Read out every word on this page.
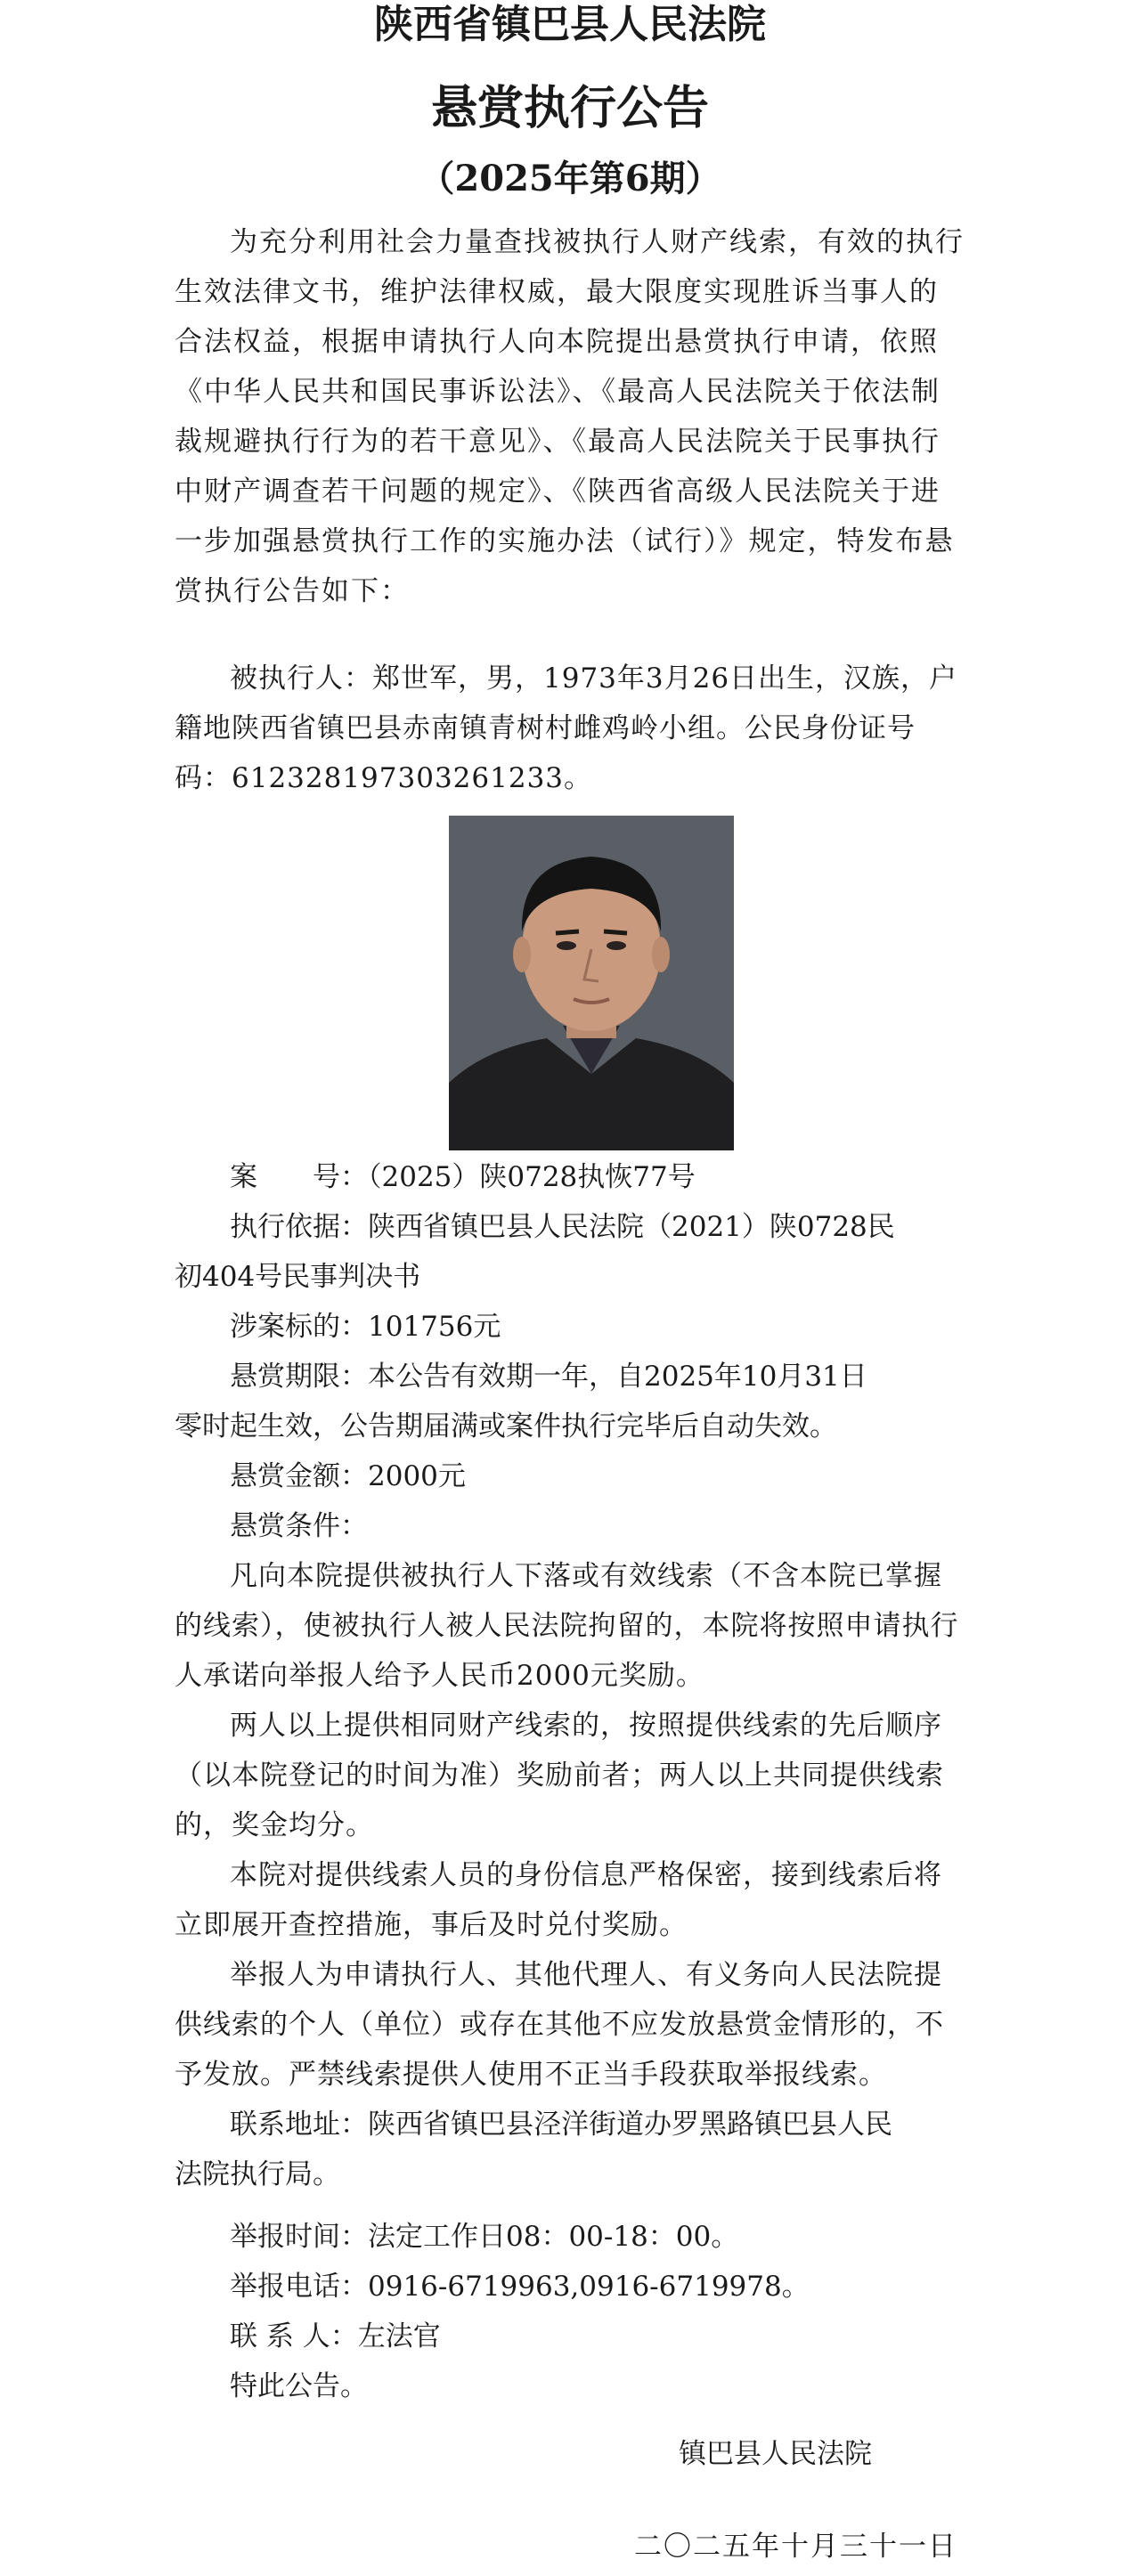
陕西省镇巴县人民法院
悬赏执行公告
（2025年第6期）
为充分利用社会力量查找被执行人财产线索，有效的执行生效法律文书，维护法律权威，最大限度实现胜诉当事人的合法权益，根据申请执行人向本院提出悬赏执行申请，依照《中华人民共和国民事诉讼法》、《最高人民法院关于依法制裁规避执行行为的若干意见》、《最高人民法院关于民事执行中财产调查若干问题的规定》、《陕西省高级人民法院关于进一步加强悬赏执行工作的实施办法（试行）》规定，特发布悬赏执行公告如下：
被执行人：郑世军，男，1973年3月26日出生，汉族，户籍地陕西省镇巴县赤南镇青树村雌鸡岭小组。公民身份证号码：612328197303261233。
案　　号：（2025）陕0728执恢77号
执行依据：陕西省镇巴县人民法院（2021）陕0728民
初404号民事判决书
涉案标的：101756元
悬赏期限：本公告有效期一年，自2025年10月31日
零时起生效，公告期届满或案件执行完毕后自动失效。
悬赏金额：2000元
悬赏条件：
凡向本院提供被执行人下落或有效线索（不含本院已掌握的线索），使被执行人被人民法院拘留的，本院将按照申请执行人承诺向举报人给予人民币2000元奖励。
两人以上提供相同财产线索的，按照提供线索的先后顺序（以本院登记的时间为准）奖励前者；两人以上共同提供线索的，奖金均分。
本院对提供线索人员的身份信息严格保密，接到线索后将立即展开查控措施，事后及时兑付奖励。
举报人为申请执行人、其他代理人、有义务向人民法院提供线索的个人（单位）或存在其他不应发放悬赏金情形的，不予发放。严禁线索提供人使用不正当手段获取举报线索。
联系地址：陕西省镇巴县泾洋街道办罗黑路镇巴县人民
法院执行局。
举报时间：法定工作日08：00-18：00。
举报电话：0916-6719963,0916-6719978。
联 系 人：左法官
特此公告。
镇巴县人民法院
二〇二五年十月三十一日
